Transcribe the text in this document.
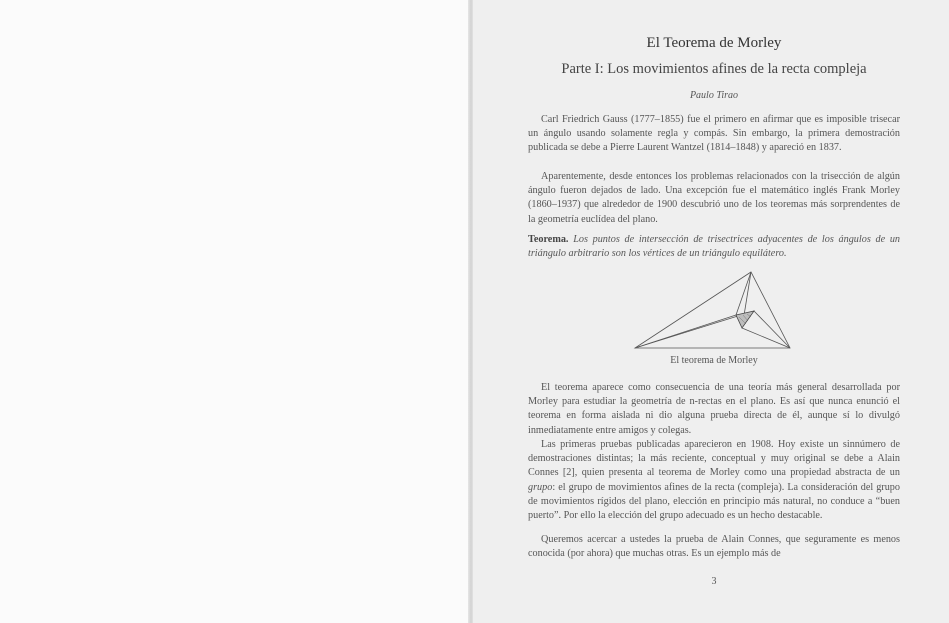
El Teorema de Morley
Parte I: Los movimientos afines de la recta compleja
Paulo Tirao

Carl Friedrich Gauss (1777–1855) fue el primero en afirmar que es imposible trisecar un ángulo usando solamente regla y compás. Sin embargo, la primera demostración publicada se debe a Pierre Laurent Wantzel (1814–1848) y apareció en 1837.

Aparentemente, desde entonces los problemas relacionados con la trisección de algún ángulo fueron dejados de lado. Una excepción fue el matemático inglés Frank Morley (1860–1937) que alrededor de 1900 descubrió uno de los teoremas más sorprendentes de la geometría euclídea del plano.

Teorema. Los puntos de intersección de trisectrices adyacentes de los ángulos de un triángulo arbitrario son los vértices de un triángulo equilátero.

El teorema de Morley

El teorema aparece como consecuencia de una teoría más general desarrollada por Morley para estudiar la geometría de n-rectas en el plano. Es así que nunca enunció el teorema en forma aislada ni dio alguna prueba directa de él, aunque sí lo divulgó inmediatamente entre amigos y colegas.

Las primeras pruebas publicadas aparecieron en 1908. Hoy existe un sinnúmero de demostraciones distintas; la más reciente, conceptual y muy original se debe a Alain Connes [2], quien presenta al teorema de Morley como una propiedad abstracta de un grupo: el grupo de movimientos afines de la recta (compleja). La consideración del grupo de movimientos rígidos del plano, elección en principio más natural, no conduce a “buen puerto”. Por ello la elección del grupo adecuado es un hecho destacable.

Queremos acercar a ustedes la prueba de Alain Connes, que seguramente es menos conocida (por ahora) que muchas otras. Es un ejemplo más de

3
